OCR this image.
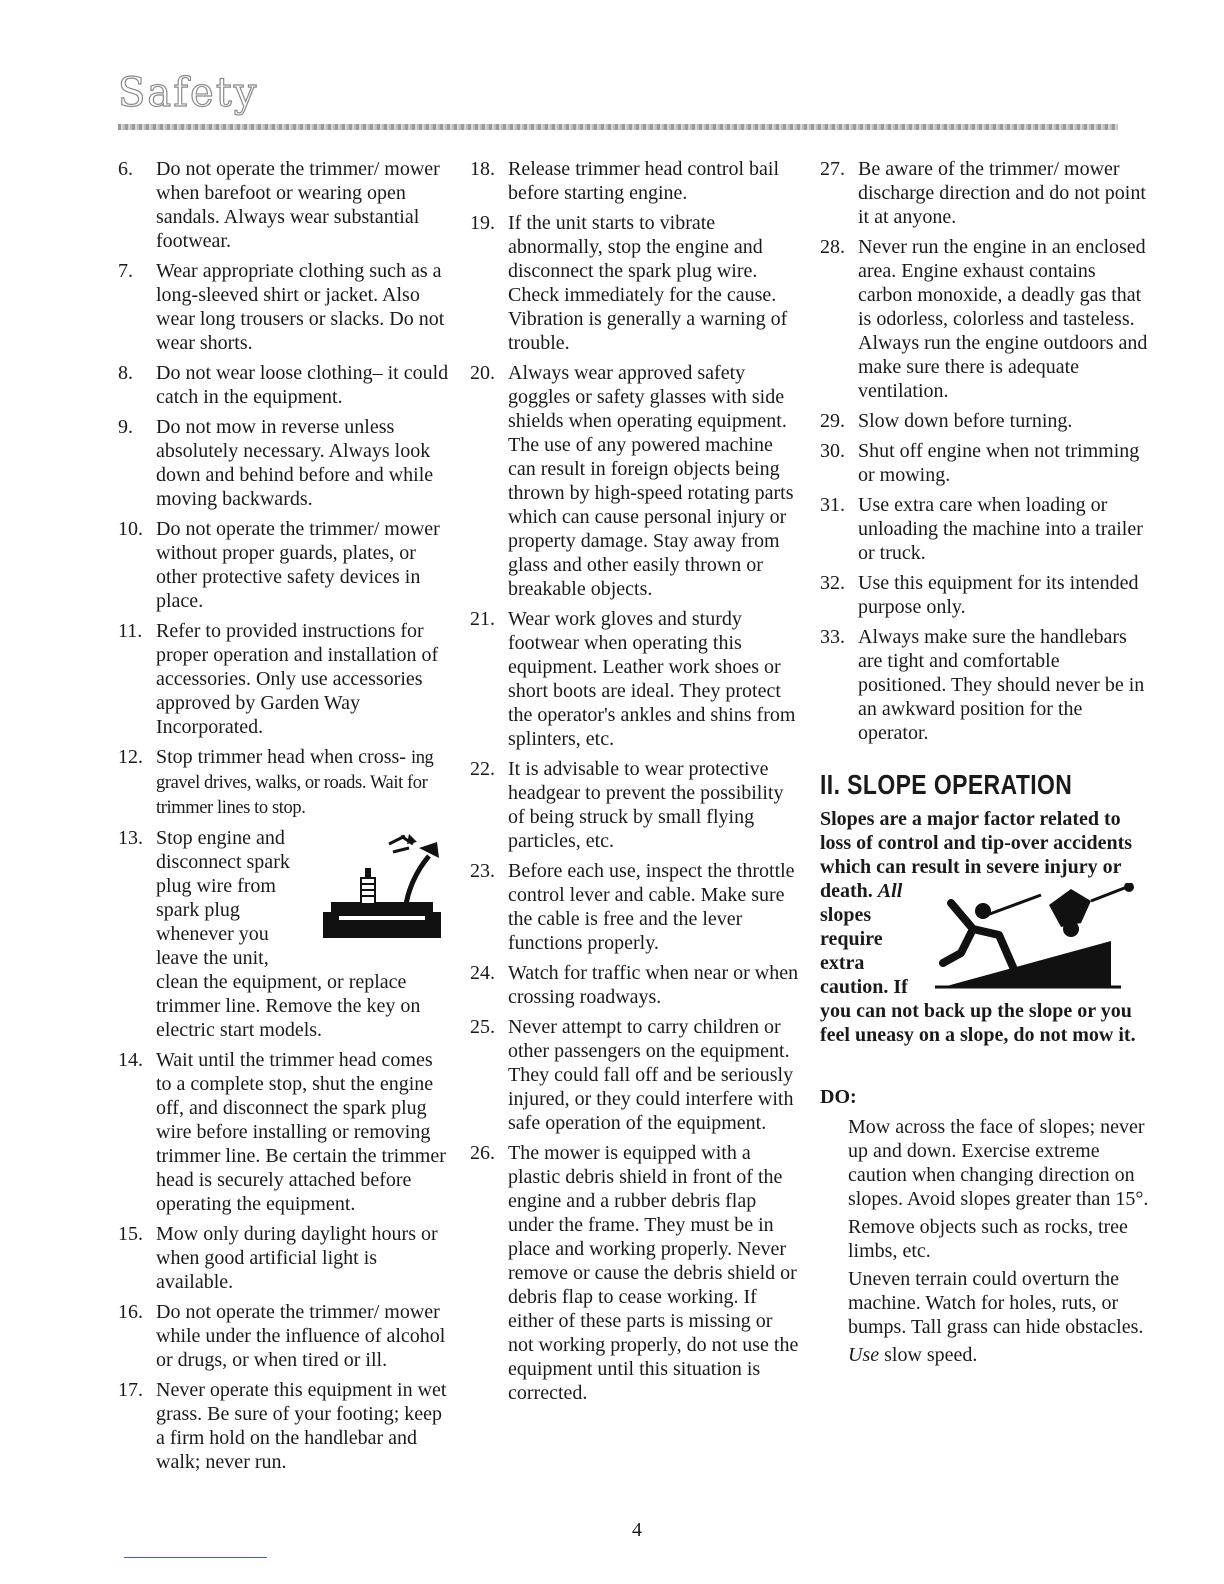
Safety
6. Do not operate the trimmer/ mower when barefoot or wearing open sandals. Always wear substantial footwear.
7. Wear appropriate clothing such as a long-sleeved shirt or jacket. Also wear long trousers or slacks. Do not wear shorts.
8. Do not wear loose clothing– it could catch in the equipment.
9. Do not mow in reverse unless absolutely necessary. Always look down and behind before and while moving backwards.
10. Do not operate the trimmer/ mower without proper guards, plates, or other protective safety devices in place.
11. Refer to provided instructions for proper operation and installation of accessories. Only use accessories approved by Garden Way Incorporated.
12. Stop trimmer head when cross- ing gravel drives, walks, or roads. Wait for trimmer lines to stop.
13. Stop engine and disconnect spark plug wire from spark plug whenever you leave the unit, clean the equipment, or replace trimmer line. Remove the key on electric start models.
14. Wait until the trimmer head comes to a complete stop, shut the engine off, and disconnect the spark plug wire before installing or removing trimmer line. Be certain the trimmer head is securely attached before operating the equipment.
15. Mow only during daylight hours or when good artificial light is available.
16. Do not operate the trimmer/ mower while under the influence of alcohol or drugs, or when tired or ill.
17. Never operate this equipment in wet grass. Be sure of your footing; keep a firm hold on the handlebar and walk; never run.
18. Release trimmer head control bail before starting engine.
19. If the unit starts to vibrate abnormally, stop the engine and disconnect the spark plug wire. Check immediately for the cause. Vibration is generally a warning of trouble.
20. Always wear approved safety goggles or safety glasses with side shields when operating equipment. The use of any powered machine can result in foreign objects being thrown by high-speed rotating parts which can cause personal injury or property damage. Stay away from glass and other easily thrown or breakable objects.
21. Wear work gloves and sturdy footwear when operating this equipment. Leather work shoes or short boots are ideal. They protect the operator's ankles and shins from splinters, etc.
22. It is advisable to wear protective headgear to prevent the possibility of being struck by small flying particles, etc.
23. Before each use, inspect the throttle control lever and cable. Make sure the cable is free and the lever functions properly.
24. Watch for traffic when near or when crossing roadways.
25. Never attempt to carry children or other passengers on the equipment. They could fall off and be seriously injured, or they could interfere with safe operation of the equipment.
26. The mower is equipped with a plastic debris shield in front of the engine and a rubber debris flap under the frame. They must be in place and working properly. Never remove or cause the debris shield or debris flap to cease working. If either of these parts is missing or not working properly, do not use the equipment until this situation is corrected.
27. Be aware of the trimmer/ mower discharge direction and do not point it at anyone.
28. Never run the engine in an enclosed area. Engine exhaust contains carbon monoxide, a deadly gas that is odorless, colorless and tasteless. Always run the engine outdoors and make sure there is adequate ventilation.
29. Slow down before turning.
30. Shut off engine when not trimming or mowing.
31. Use extra care when loading or unloading the machine into a trailer or truck.
32. Use this equipment for its intended purpose only.
33. Always make sure the handlebars are tight and comfortable positioned. They should never be in an awkward position for the operator.
II. SLOPE OPERATION
Slopes are a major factor related to loss of control and tip-over accidents which can result in severe injury or death. All slopes require extra caution. If you can not back up the slope or you feel uneasy on a slope, do not mow it.
DO:
Mow across the face of slopes; never up and down. Exercise extreme caution when changing direction on slopes. Avoid slopes greater than 15°.
Remove objects such as rocks, tree limbs, etc.
Uneven terrain could overturn the machine. Watch for holes, ruts, or bumps. Tall grass can hide obstacles.
Use slow speed.
4
